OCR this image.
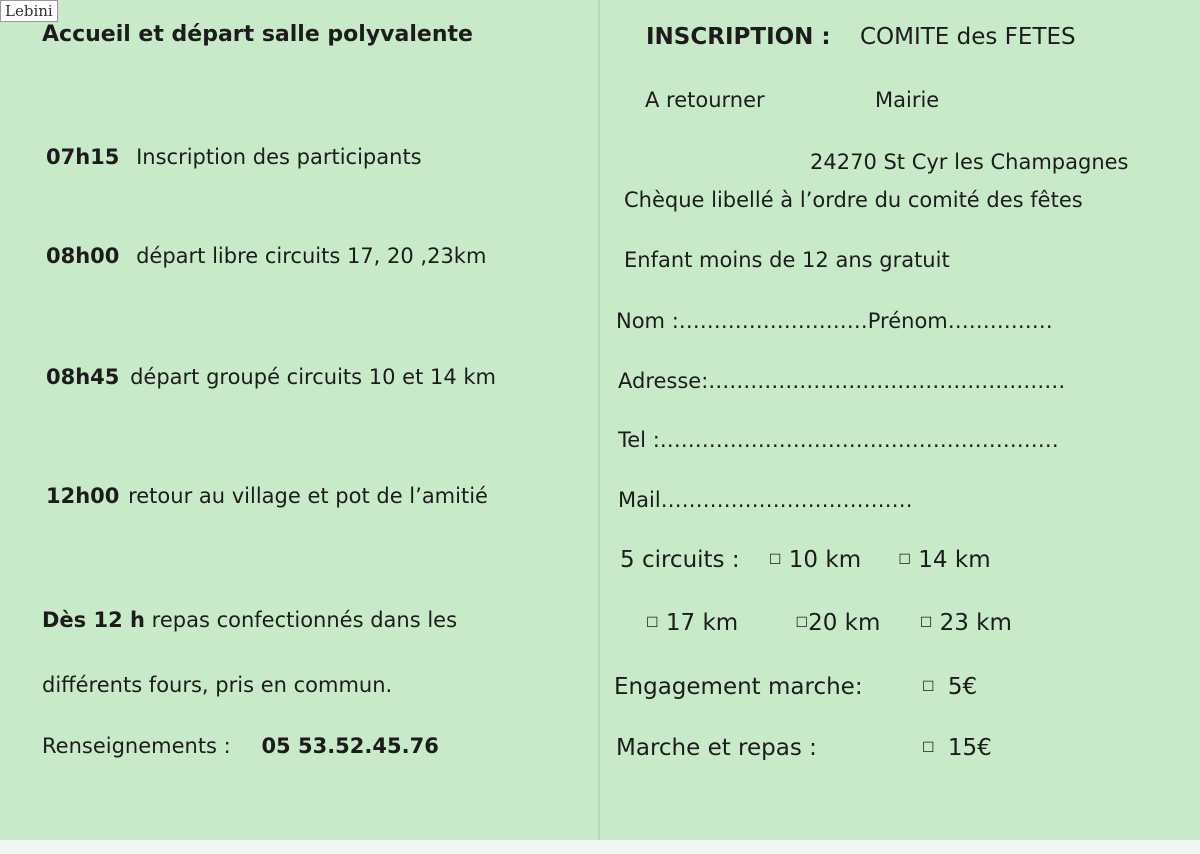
Lebini
Accueil et départ salle polyvalente
07h15 Inscription des participants
08h00 départ libre circuits 17, 20 ,23km
08h45 départ groupé circuits 10 et 14 km
12h00 retour au village et pot de l’amitié
Dès 12 h repas confectionnés dans les
différents fours, pris en commun.
Renseignements : 05 53.52.45.76
INSCRIPTION : COMITE des FETES
A retourner	Mairie
24270 St Cyr les Champagnes
Chèque libellé à l’ordre du comité des fêtes
Enfant moins de 12 ans gratuit
Nom :………………………Prénom……………
Adresse:……………………………………………
Tel :…………………………………………………
Mail………………………………
5 circuits : ☐ 10 km	☐ 14 km
☐ 17 km	☐20 km	☐ 23 km
Engagement marche:	☐ 5€
Marche et repas :	☐ 15€
